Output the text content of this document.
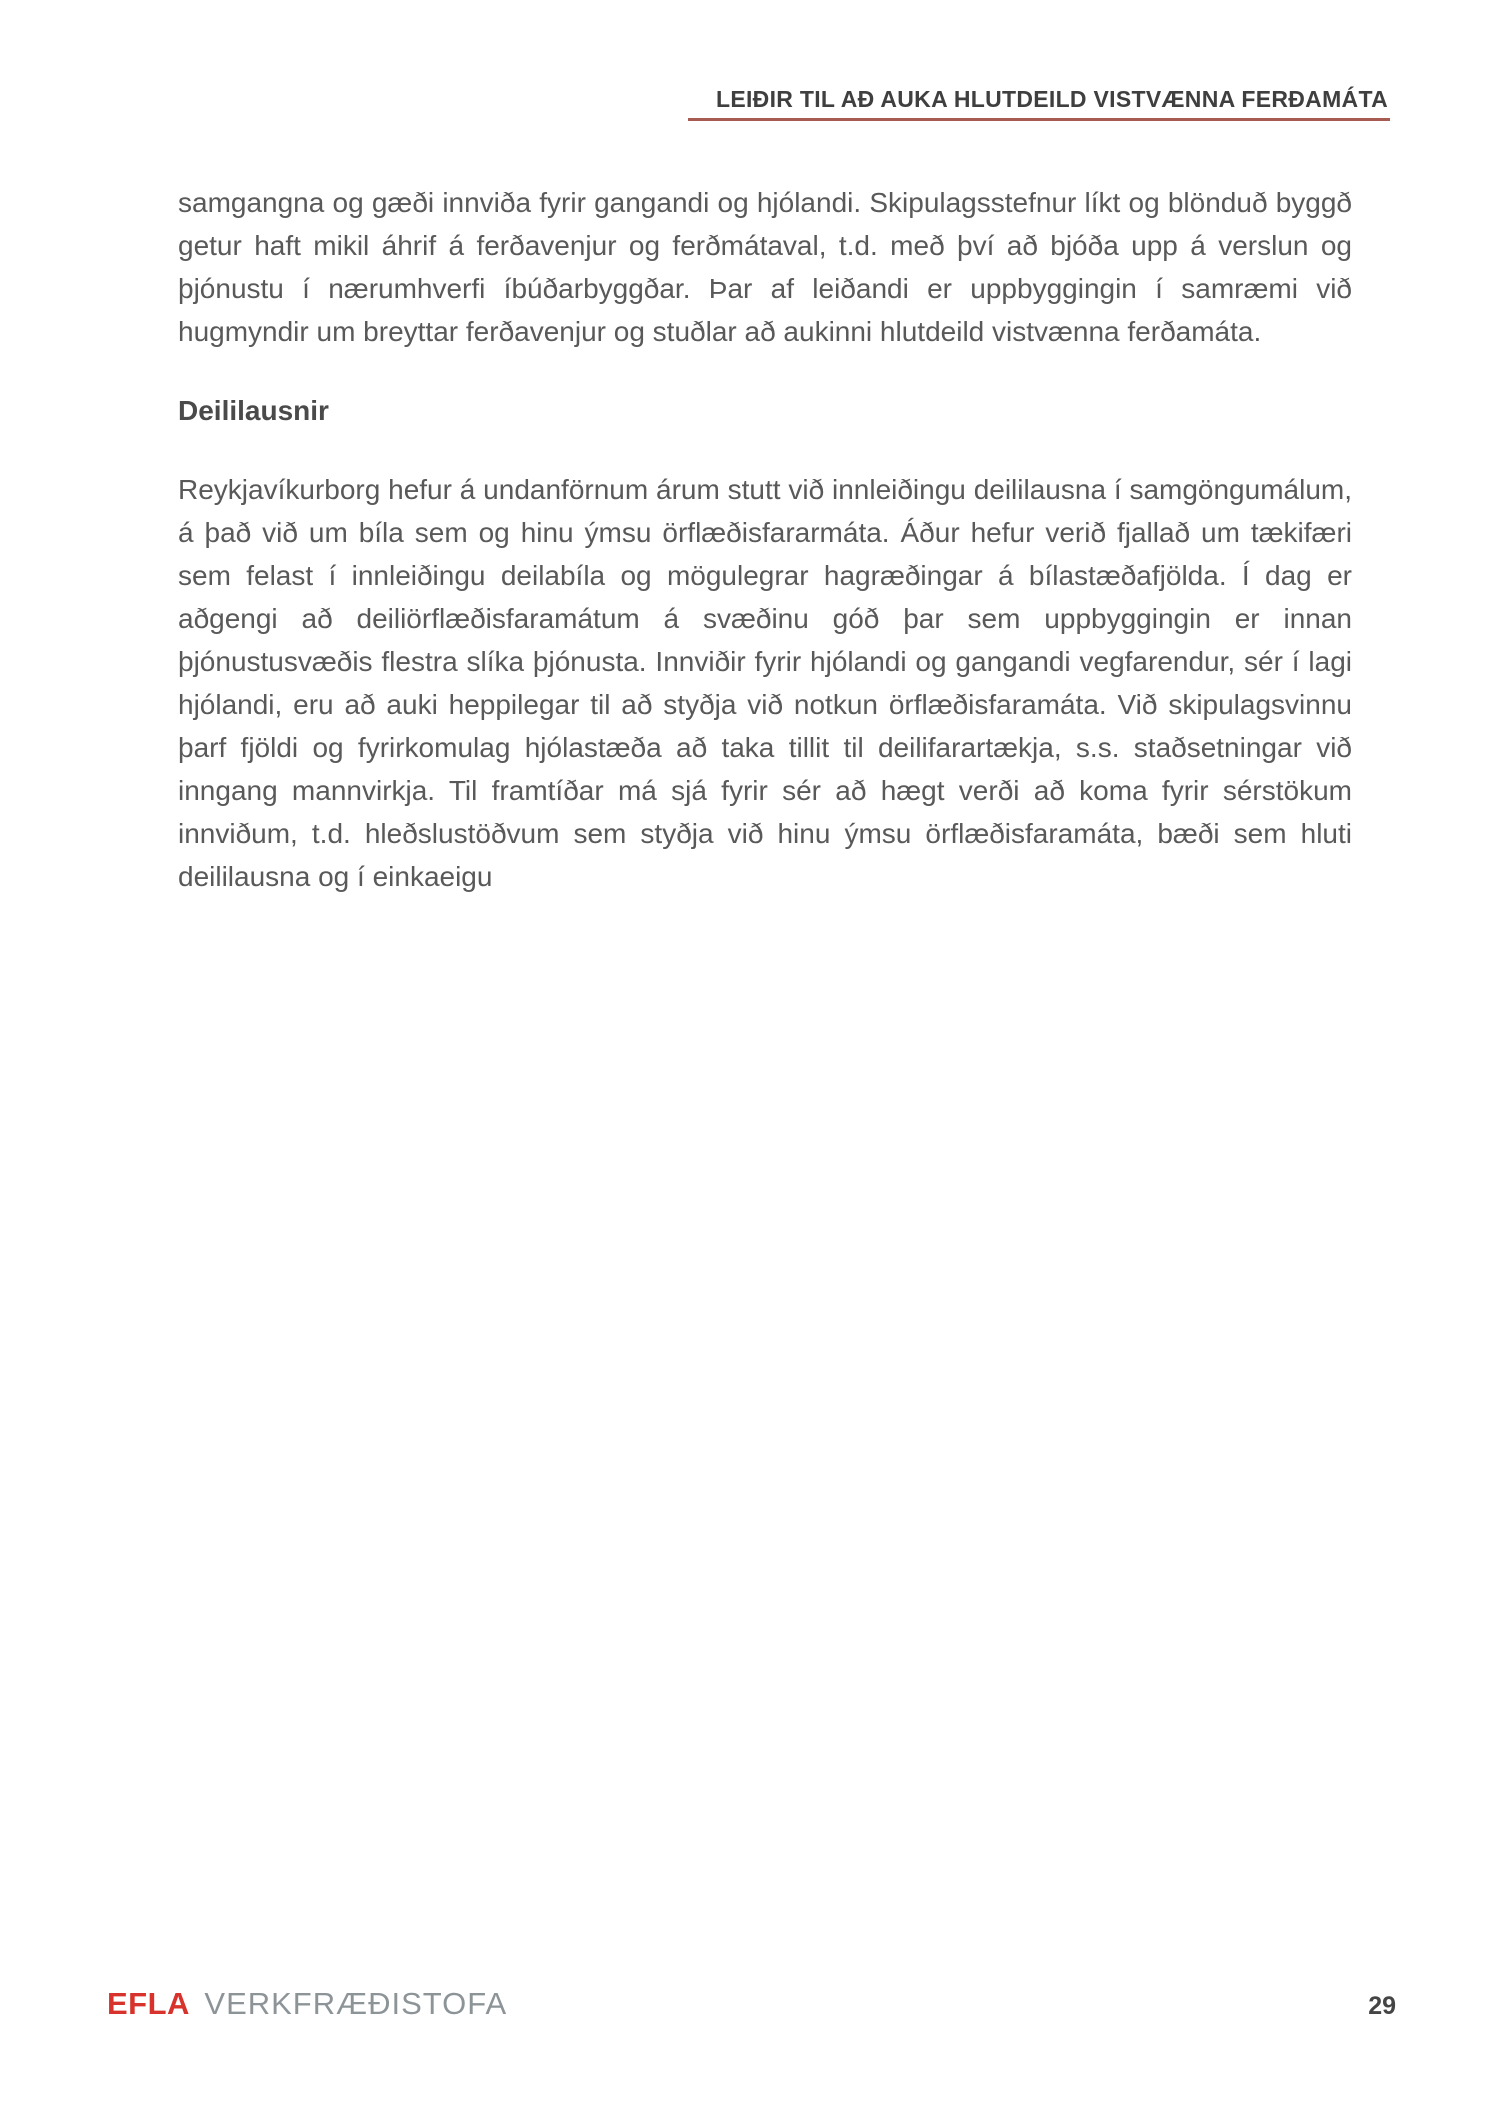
LEIÐIR TIL AÐ AUKA HLUTDEILD VISTVÆNNA FERÐAMÁTA

samgangna og gæði innviða fyrir gangandi og hjólandi. Skipulagsstefnur líkt og blönduð byggð getur haft mikil áhrif á ferðavenjur og ferðmátaval, t.d. með því að bjóða upp á verslun og þjónustu í nærumhverfi íbúðarbyggðar. Þar af leiðandi er uppbyggingin í samræmi við hugmyndir um breyttar ferðavenjur og stuðlar að aukinni hlutdeild vistvænna ferðamáta.

Deililausnir

Reykjavíkurborg hefur á undanförnum árum stutt við innleiðingu deililausna í samgöngumálum, á það við um bíla sem og hinu ýmsu örflæðisfararmáta. Áður hefur verið fjallað um tækifæri sem felast í innleiðingu deilabíla og mögulegrar hagræðingar á bílastæðafjölda. Í dag er aðgengi að deiliörflæðisfaramátum á svæðinu góð þar sem uppbyggingin er innan þjónustusvæðis flestra slíka þjónusta. Innviðir fyrir hjólandi og gangandi vegfarendur, sér í lagi hjólandi, eru að auki heppilegar til að styðja við notkun örflæðisfaramáta. Við skipulagsvinnu þarf fjöldi og fyrirkomulag hjólastæða að taka tillit til deilifarartækja, s.s. staðsetningar við inngang mannvirkja. Til framtíðar má sjá fyrir sér að hægt verði að koma fyrir sérstökum innviðum, t.d. hleðslustöðvum sem styðja við hinu ýmsu örflæðisfaramáta, bæði sem hluti deililausna og í einkaeigu

EFLA VERKFRÆÐISTOFA	29
